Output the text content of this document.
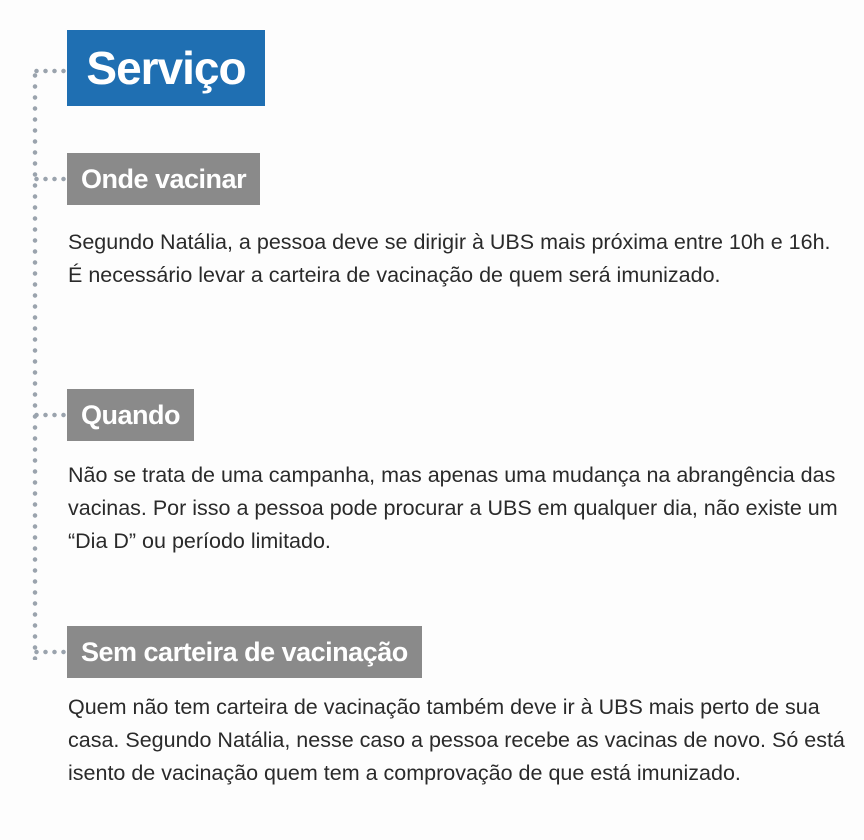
Serviço
Onde vacinar

Segundo Natália, a pessoa deve se dirigir à UBS mais próxima entre 10h e 16h. É necessário levar a carteira de vacinação de quem será imunizado.

Quando

Não se trata de uma campanha, mas apenas uma mudança na abrangência das vacinas. Por isso a pessoa pode procurar a UBS em qualquer dia, não existe um “Dia D” ou período limitado.

Sem carteira de vacinação

Quem não tem carteira de vacinação também deve ir à UBS mais perto de sua casa. Segundo Natália, nesse caso a pessoa recebe as vacinas de novo. Só está isento de vacinação quem tem a comprovação de que está imunizado.
